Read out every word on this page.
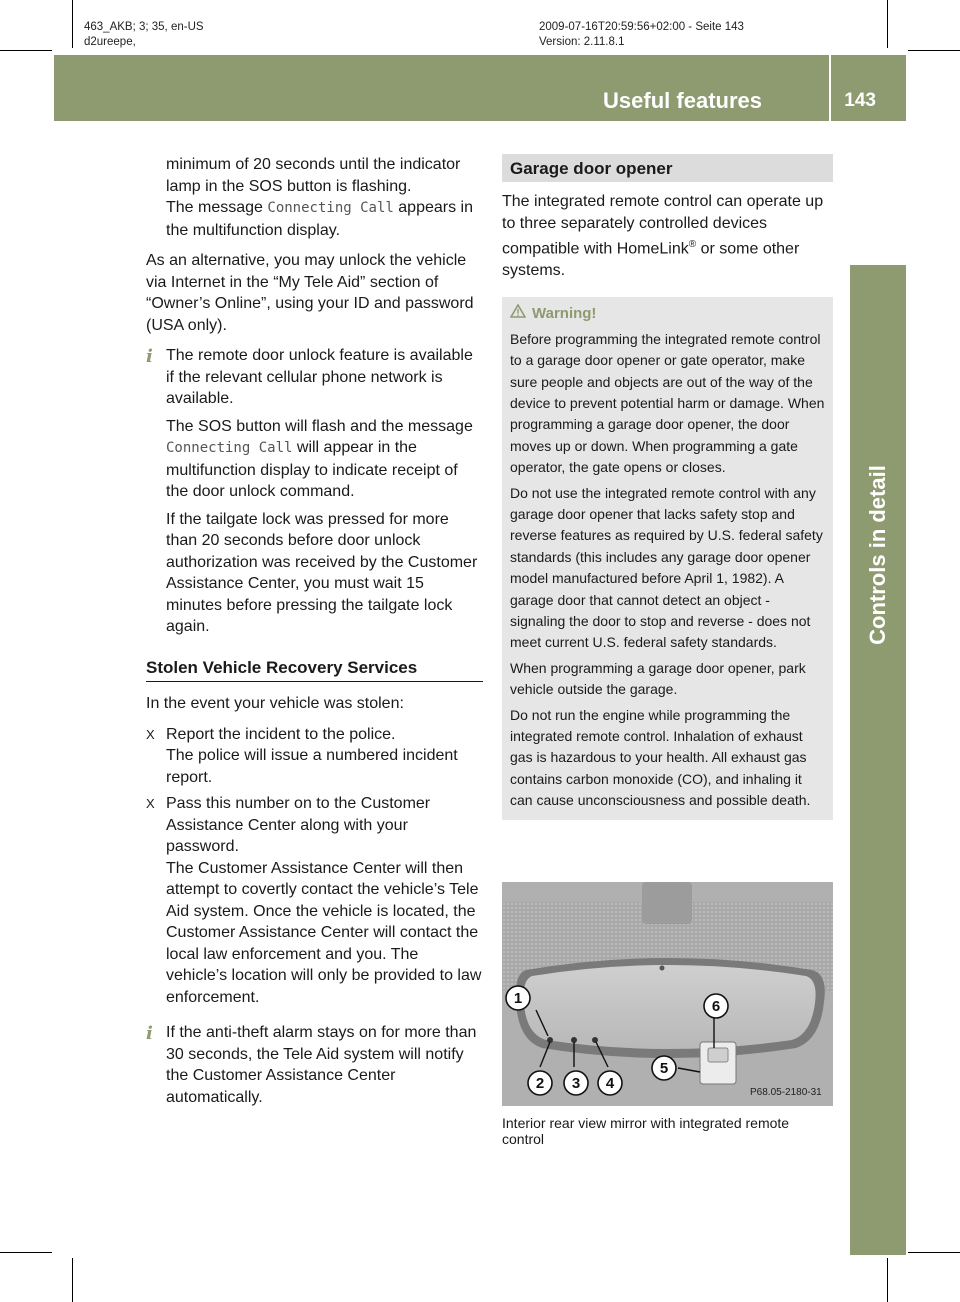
463_AKB; 3; 35, en-US
d2ureepe,
2009-07-16T20:59:56+02:00 - Seite 143
Version: 2.11.8.1
Useful features	143
Controls in detail
minimum of 20 seconds until the indicator lamp in the SOS button is flashing.
The message Connecting Call appears in the multifunction display.
As an alternative, you may unlock the vehicle via Internet in the “My Tele Aid” section of “Owner’s Online”, using your ID and password (USA only).
i The remote door unlock feature is available if the relevant cellular phone network is available.
The SOS button will flash and the message Connecting Call will appear in the multifunction display to indicate receipt of the door unlock command.
If the tailgate lock was pressed for more than 20 seconds before door unlock authorization was received by the Customer Assistance Center, you must wait 15 minutes before pressing the tailgate lock again.
Stolen Vehicle Recovery Services
In the event your vehicle was stolen:
X Report the incident to the police.
The police will issue a numbered incident report.
X Pass this number on to the Customer Assistance Center along with your password.
The Customer Assistance Center will then attempt to covertly contact the vehicle’s Tele Aid system. Once the vehicle is located, the Customer Assistance Center will contact the local law enforcement and you. The vehicle’s location will only be provided to law enforcement.
i If the anti-theft alarm stays on for more than 30 seconds, the Tele Aid system will notify the Customer Assistance Center automatically.
Garage door opener
The integrated remote control can operate up to three separately controlled devices compatible with HomeLink® or some other systems.
Warning!
Before programming the integrated remote control to a garage door opener or gate operator, make sure people and objects are out of the way of the device to prevent potential harm or damage. When programming a garage door opener, the door moves up or down. When programming a gate operator, the gate opens or closes.
Do not use the integrated remote control with any garage door opener that lacks safety stop and reverse features as required by U.S. federal safety standards (this includes any garage door opener model manufactured before April 1, 1982). A garage door that cannot detect an object - signaling the door to stop and reverse - does not meet current U.S. federal safety standards.
When programming a garage door opener, park vehicle outside the garage.
Do not run the engine while programming the integrated remote control. Inhalation of exhaust gas is hazardous to your health. All exhaust gas contains carbon monoxide (CO), and inhaling it can cause unconsciousness and possible death.
1
2 3 4
5
6
P68.05-2180-31
Interior rear view mirror with integrated remote control
